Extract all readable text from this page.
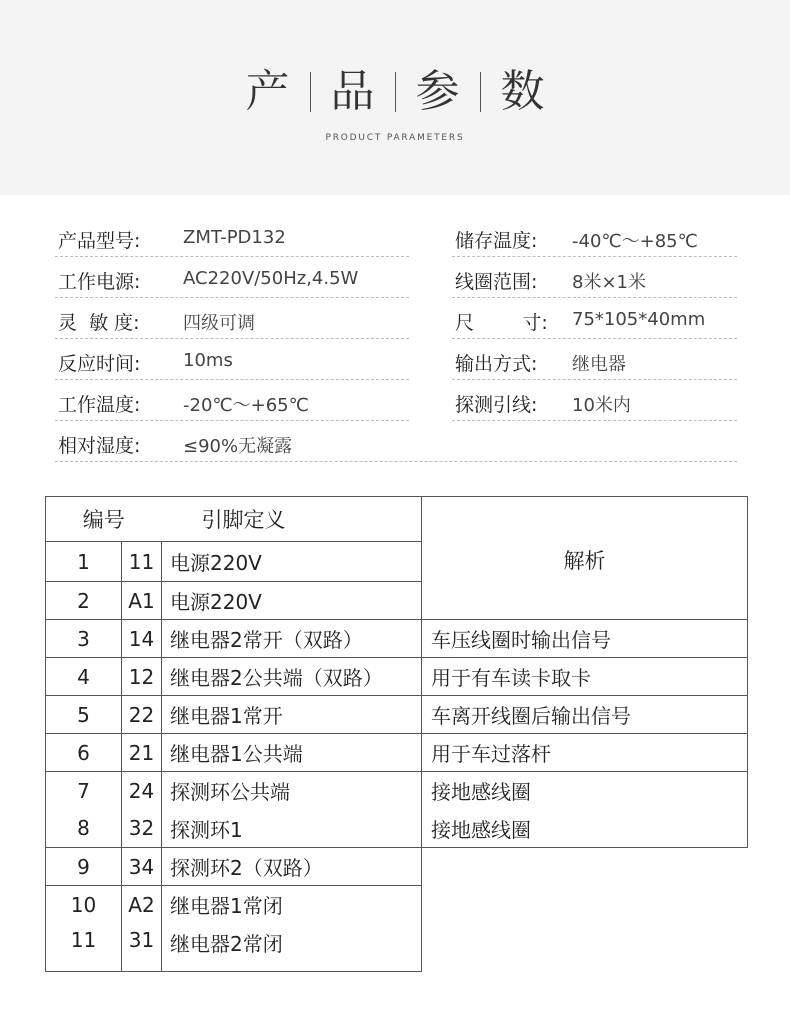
产 品 参 数
PRODUCT PARAMETERS
产品型号: ZMT-PD132	储存温度: -40℃～+85℃
工作电源: AC220V/50Hz,4.5W	线圈范围: 8米×1米
灵  敏 度: 四级可调	尺        寸: 75*105*40mm
反应时间: 10ms	输出方式: 继电器
工作温度: -20℃～+65℃	探测引线: 10米内
相对湿度: ≤90%无凝露
编号		引脚定义	解析
1	11	电源220V	
2	A1	电源220V	
3	14	继电器2常开（双路）	车压线圈时输出信号
4	12	继电器2公共端（双路）	用于有车读卡取卡
5	22	继电器1常开	车离开线圈后输出信号
6	21	继电器1公共端	用于车过落杆
7	24	探测环公共端	接地感线圈
8	32	探测环1	接地感线圈
9	34	探测环2（双路）	
10	A2	继电器1常闭	
11	31	继电器2常闭	
